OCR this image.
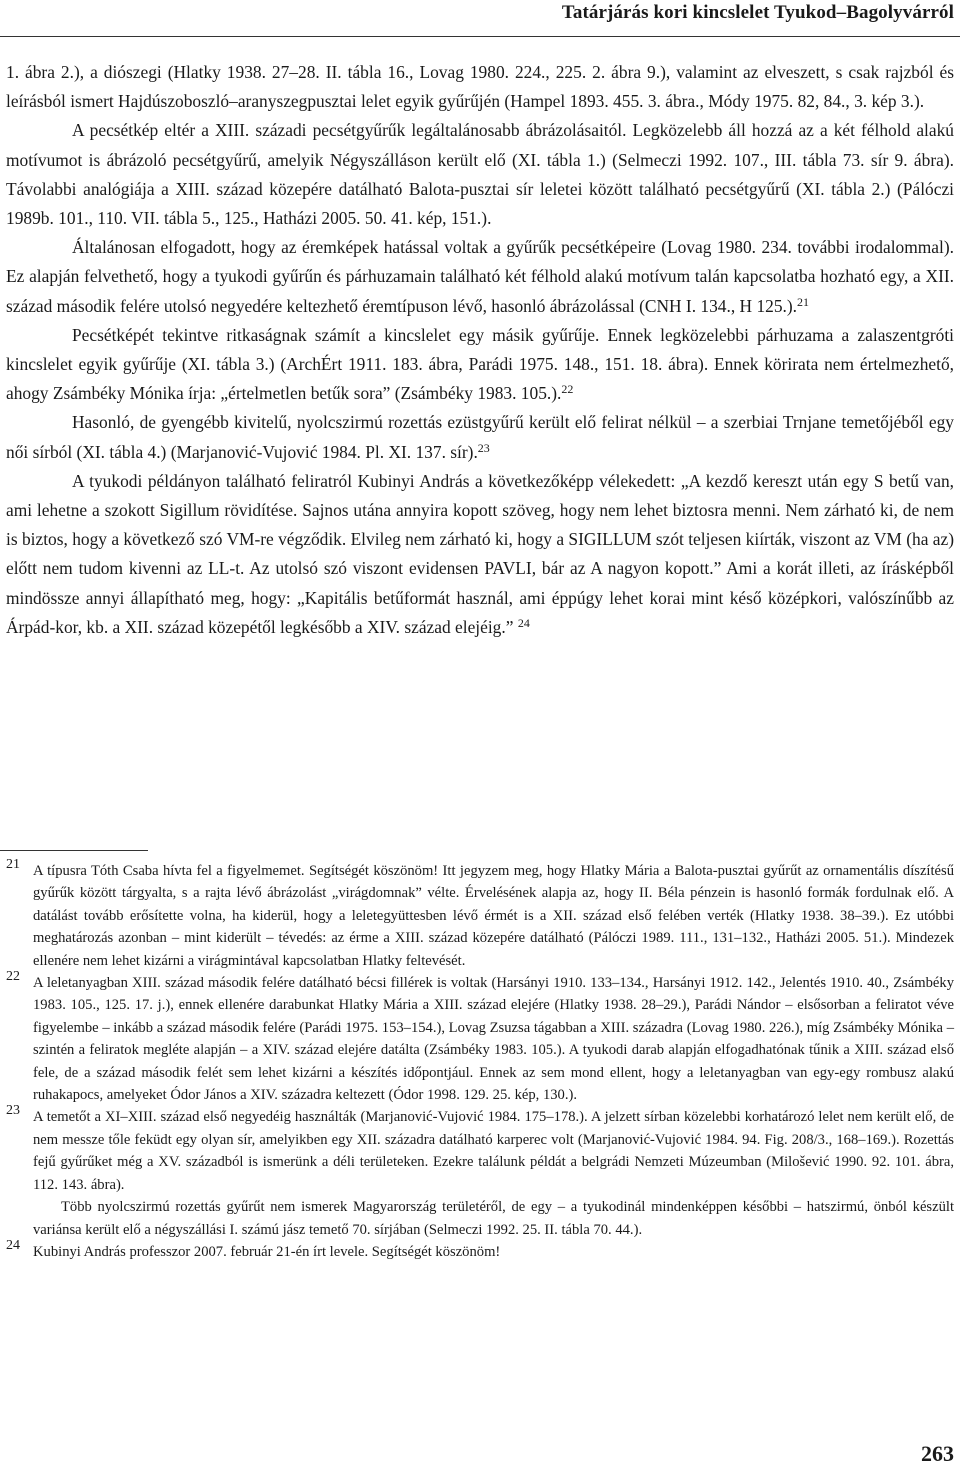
Tatárjárás kori kincslelet Tyukod–Bagolyvárról

1. ábra 2.), a diószegi (Hlatky 1938. 27–28. II. tábla 16., Lovag 1980. 224., 225. 2. ábra 9.), valamint az elveszett, s csak rajzból és leírásból ismert Hajdúszoboszló–aranyszegpusztai lelet egyik gyűrűjén (Hampel 1893. 455. 3. ábra., Módy 1975. 82, 84., 3. kép 3.).

A pecsétkép eltér a XIII. századi pecsétgyűrűk legáltalánosabb ábrázolásaitól. Legközelebb áll hozzá az a két félhold alakú motívumot is ábrázoló pecsétgyűrű, amelyik Négyszálláson került elő (XI. tábla 1.) (Selmeczi 1992. 107., III. tábla 73. sír 9. ábra). Távolabbi analógiája a XIII. század közepére datálható Balota-pusztai sír leletei között található pecsétgyűrű (XI. tábla 2.) (Pálóczi 1989b. 101., 110. VII. tábla 5., 125., Hatházi 2005. 50. 41. kép, 151.).

Általánosan elfogadott, hogy az éremképek hatással voltak a gyűrűk pecsétképeire (Lovag 1980. 234. további irodalommal). Ez alapján felvethető, hogy a tyukodi gyűrűn és párhuzamain található két félhold alakú motívum talán kapcsolatba hozható egy, a XII. század második felére utolsó negyedére keltezhető éremtípuson lévő, hasonló ábrázolással (CNH I. 134., H 125.).$^{21}$

Pecsétképét tekintve ritkaságnak számít a kincslelet egy másik gyűrűje. Ennek legközelebbi párhuzama a zalaszentgróti kincslelet egyik gyűrűje (XI. tábla 3.) (ArchÉrt 1911. 183. ábra, Parádi 1975. 148., 151. 18. ábra). Ennek körirata nem értelmezhető, ahogy Zsámbéky Mónika írja: „értelmetlen betűk sora” (Zsámbéky 1983. 105.).$^{22}$

Hasonló, de gyengébb kivitelű, nyolcszirmú rozettás ezüstgyűrű került elő felirat nélkül – a szerbiai Trnjane temetőjéből egy női sírból (XI. tábla 4.) (Marjanović-Vujović 1984. Pl. XI. 137. sír).$^{23}$

A tyukodi példányon található feliratról Kubinyi András a következőképp vélekedett: „A kezdő kereszt után egy S betű van, ami lehetne a szokott Sigillum rövidítése. Sajnos utána annyira kopott szöveg, hogy nem lehet biztosra menni. Nem zárható ki, de nem is biztos, hogy a következő szó VM-re végződik. Elvileg nem zárható ki, hogy a SIGILLUM szót teljesen kiírták, viszont az VM (ha az) előtt nem tudom kivenni az LL-t. Az utolsó szó viszont evidensen PAVLI, bár az A nagyon kopott.” Ami a korát illeti, az írásképből mindössze annyi állapítható meg, hogy: „Kapitális betűformát használ, ami éppúgy lehet korai mint késő középkori, valószínűbb az Árpád-kor, kb. a XII. század közepétől legkésőbb a XIV. század elejéig.” $^{24}$

21 A típusra Tóth Csaba hívta fel a figyelmemet. Segítségét köszönöm! Itt jegyzem meg, hogy Hlatky Mária a Balota-pusztai gyűrűt az ornamentális díszítésű gyűrűk között tárgyalta, s a rajta lévő ábrázolást „virágdomnak” vélte. Érvelésének alapja az, hogy II. Béla pénzein is hasonló formák fordulnak elő. A datálást tovább erősítette volna, ha kiderül, hogy a leletegyüttesben lévő érmét is a XII. század első felében verték (Hlatky 1938. 38–39.). Ez utóbbi meghatározás azonban – mint kiderült – tévedés: az érme a XIII. század közepére datálható (Pálóczi 1989. 111., 131–132., Hatházi 2005. 51.). Mindezek ellenére nem lehet kizárni a virágmintával kapcsolatban Hlatky feltevését.

22 A leletanyagban XIII. század második felére datálható bécsi fillérek is voltak (Harsányi 1910. 133–134., Harsányi 1912. 142., Jelentés 1910. 40., Zsámbéky 1983. 105., 125. 17. j.), ennek ellenére darabunkat Hlatky Mária a XIII. század elejére (Hlatky 1938. 28–29.), Parádi Nándor – elsősorban a feliratot véve figyelembe – inkább a század második felére (Parádi 1975. 153–154.), Lovag Zsuzsa tágabban a XIII. századra (Lovag 1980. 226.), míg Zsámbéky Mónika – szintén a feliratok megléte alapján – a XIV. század elejére datálta (Zsámbéky 1983. 105.). A tyukodi darab alapján elfogadhatónak tűnik a XIII. század első fele, de a század második felét sem lehet kizárni a készítés időpontjául. Ennek az sem mond ellent, hogy a leletanyagban van egy-egy rombusz alakú ruhakapocs, amelyeket Ódor János a XIV. századra keltezett (Ódor 1998. 129. 25. kép, 130.).

23 A temetőt a XI–XIII. század első negyedéig használták (Marjanović-Vujović 1984. 175–178.). A jelzett sírban közelebbi korhatározó lelet nem került elő, de nem messze tőle feküdt egy olyan sír, amelyikben egy XII. századra datálható karperec volt (Marjanović-Vujović 1984. 94. Fig. 208/3., 168–169.). Rozettás fejű gyűrűket még a XV. századból is ismerünk a déli területeken. Ezekre találunk példát a belgrádi Nemzeti Múzeumban (Milošević 1990. 92. 101. ábra, 112. 143. ábra).

Több nyolcszirmú rozettás gyűrűt nem ismerek Magyarország területéről, de egy – a tyukodinál mindenképpen későbbi – hatszirmú, önból készült variánsa került elő a négyszállási I. számú jász temető 70. sírjában (Selmeczi 1992. 25. II. tábla 70. 44.).

24 Kubinyi András professzor 2007. február 21-én írt levele. Segítségét köszönöm!

263
